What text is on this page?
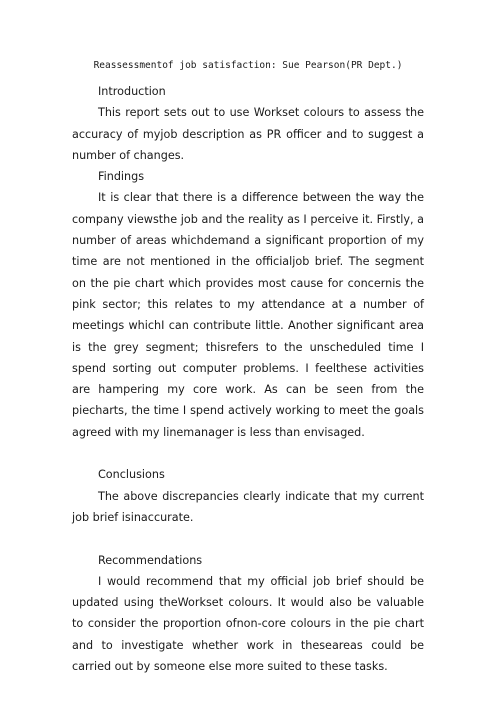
Reassessmentof job satisfaction: Sue Pearson(PR Dept.)

Introduction

This report sets out to use Workset colours to assess the accuracy of myjob description as PR officer and to suggest a number of changes.

Findings

It is clear that there is a difference between the way the company viewsthe job and the reality as I perceive it. Firstly, a number of areas whichdemand a significant proportion of my time are not mentioned in the officialjob brief. The segment on the pie chart which provides most cause for concernis the pink sector; this relates to my attendance at a number of meetings whichI can contribute little. Another significant area is the grey segment; thisrefers to the unscheduled time I spend sorting out computer problems. I feelthese activities are hampering my core work. As can be seen from the piecharts, the time I spend actively working to meet the goals agreed with my linemanager is less than envisaged.

Conclusions

The above discrepancies clearly indicate that my current job brief isinaccurate.

Recommendations

I would recommend that my official job brief should be updated using theWorkset colours. It would also be valuable to consider the proportion ofnon-core colours in the pie chart and to investigate whether work in theseareas could be carried out by someone else more suited to these tasks.
